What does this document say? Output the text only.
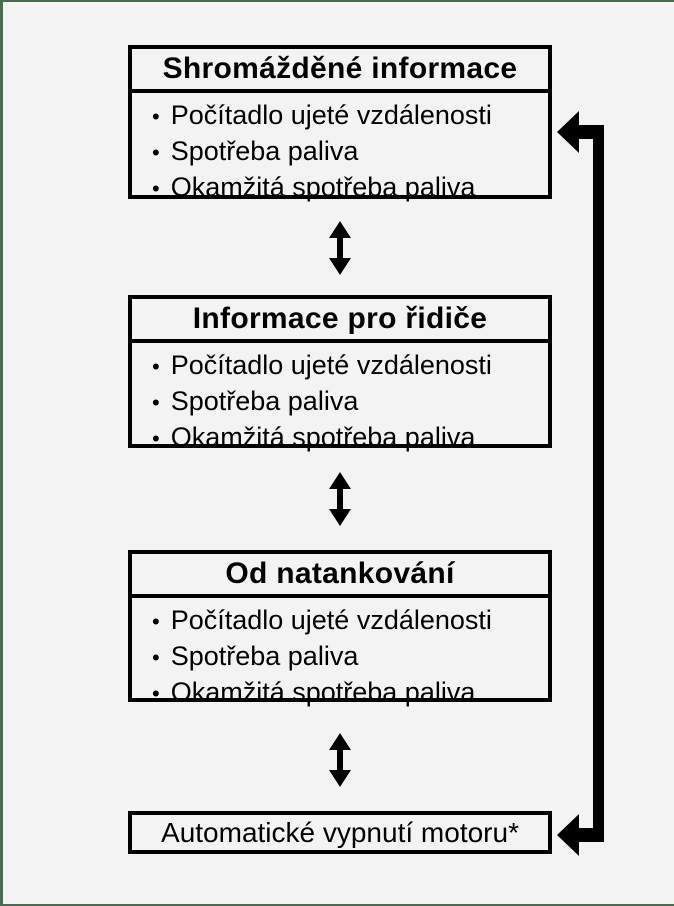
Shromážděné informace
• Počítadlo ujeté vzdálenosti
• Spotřeba paliva
• Okamžitá spotřeba paliva
Informace pro řidiče
• Počítadlo ujeté vzdálenosti
• Spotřeba paliva
• Okamžitá spotřeba paliva
Od natankování
• Počítadlo ujeté vzdálenosti
• Spotřeba paliva
• Okamžitá spotřeba paliva
Automatické vypnutí motoru*
